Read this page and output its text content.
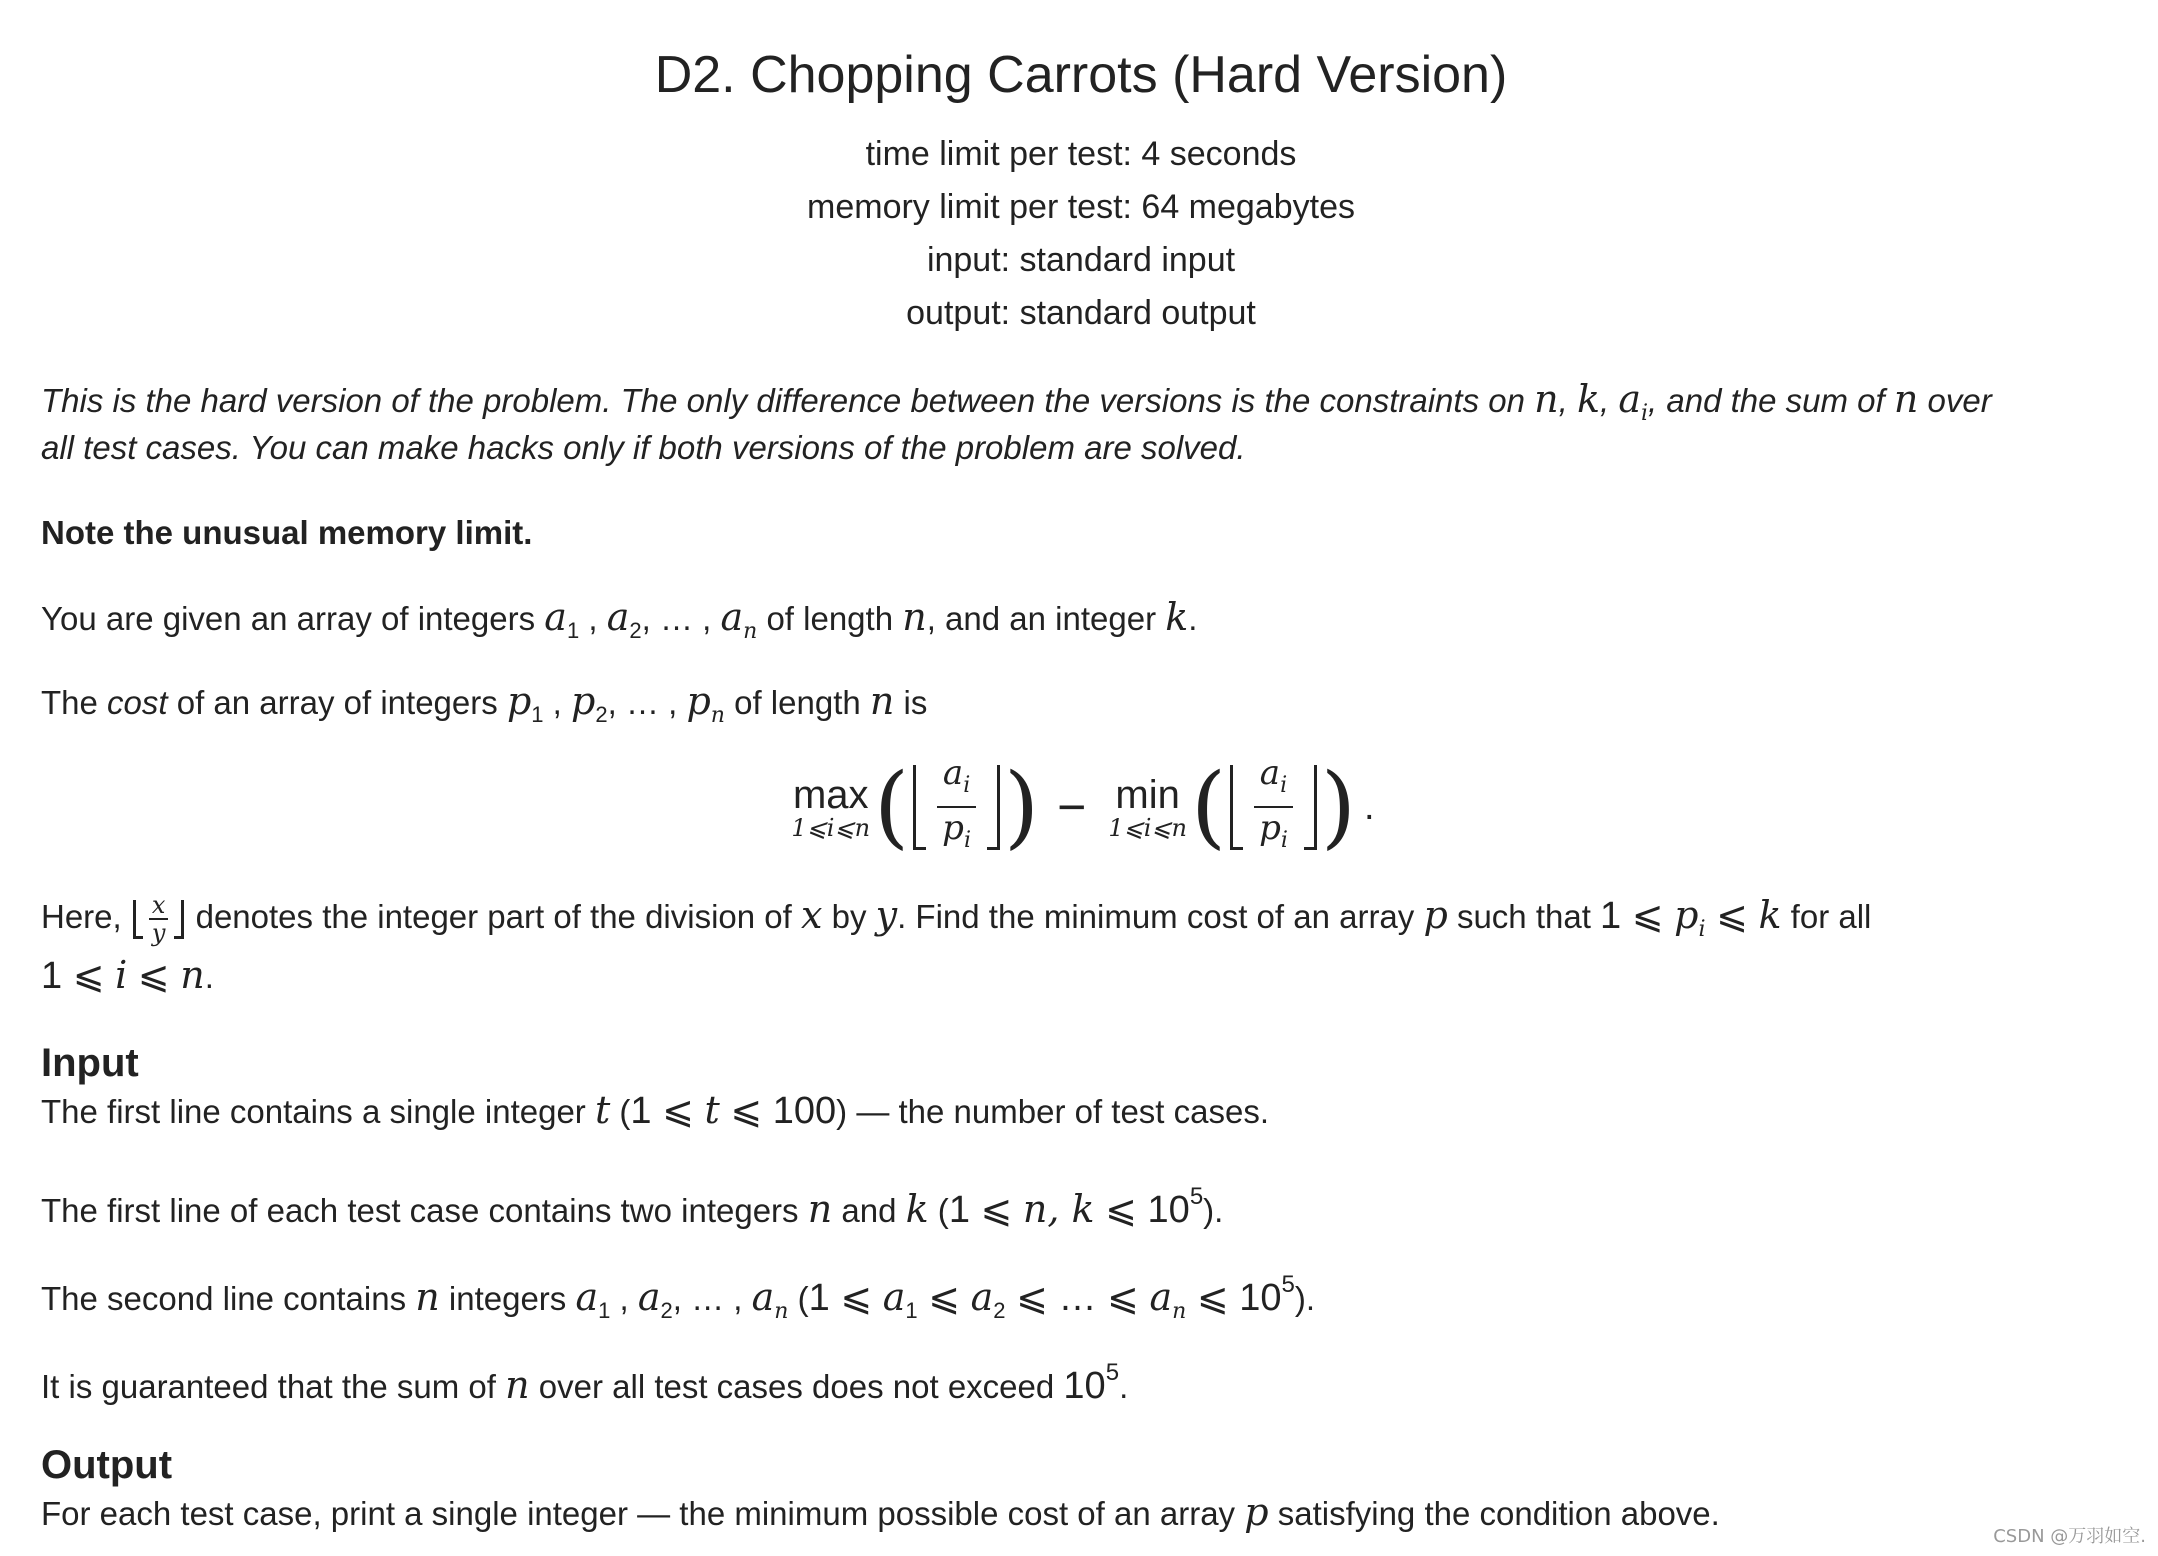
D2. Chopping Carrots (Hard Version)
time limit per test: 4 seconds
memory limit per test: 64 megabytes
input: standard input
output: standard output
This is the hard version of the problem. The only difference between the versions is the constraints on n, k, $a_i$, and the sum of n over
all test cases. You can make hacks only if both versions of the problem are solved.
Note the unusual memory limit.
You are given an array of integers $a_1$ , $a_2$, … , $a_n$ of length n, and an integer k.
The cost of an array of integers $p_1$ , $p_2$, … , $p_n$ of length n is
max
1⩽i⩽n ( $\frac{a_i}{p_i}$ ) − min
1⩽i⩽n ( $\frac{a_i}{p_i}$ ) .
Here, $\frac{x}{y}$ denotes the integer part of the division of x by y. Find the minimum cost of an array p such that 1 ⩽ $p_i$ ⩽ k for all
1 ⩽ i ⩽ n.
Input
The first line contains a single integer t (1 ⩽ t ⩽ 100) — the number of test cases.
The first line of each test case contains two integers n and k (1 ⩽ n, k ⩽ $10^5$).
The second line contains n integers $a_1$ , $a_2$, … , $a_n$ (1 ⩽ $a_1$ ⩽ $a_2$ ⩽ … ⩽ $a_n$ ⩽ $10^5$).
It is guaranteed that the sum of n over all test cases does not exceed $10^5$.
Output
For each test case, print a single integer — the minimum possible cost of an array p satisfying the condition above.
CSDN @万羽如空.
